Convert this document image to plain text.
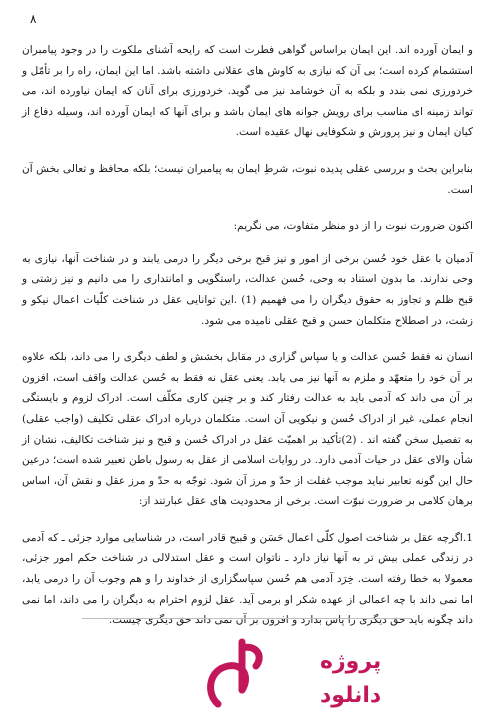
۸

و ایمان آورده اند. این ایمان براساس گواهی فطرت است که رایحه آشنای ملکوت را در وجود پیامبران استشمام کرده است؛ بی آن که نیازی به کاوش های عقلانی داشته باشد. اما این ایمان، راه را بر تأمّل و خردورزی نمی بندد و بلکه به آن خوشامد نیز می گوید. خردورزی برای آنان که ایمان نیاورده اند، می تواند زمینه ای مناسب برای رویش جوانه های ایمان باشد و برای آنها که ایمان آورده اند، وسیله دفاع از کیان ایمان و نیز پرورش و شکوفایی نهال عقیده است.

بنابراین بحث و بررسی عقلی پدیده نبوت، شرطِ ایمان به پیامبران نیست؛ بلکه محافظ و تعالی بخش آن است.

اکنون ضرورت نبوت را از دو منظر متفاوت، می نگریم:

آدمیان با عقل خود حُسن برخی از امور و نیز قبح برخی دیگر را درمی یابند و در شناخت آنها، نیازی به وحی ندارند. ما بدون استناد به وحی، حُسن عدالت، راستگویی و امانتداری را می دانیم و نیز زشتی و قبح ظلم و تجاوز به حقوق دیگران را می فهمیم (1) .این توانایی عقل در شناخت کلّیات اعمال نیکو و زشت، در اصطلاح متکلمان حسن و قبح عقلی نامیده می شود.

انسان نه فقط حُسن عدالت و یا سپاس گزاری در مقابل بخشش و لطف دیگری را می داند، بلکه علاوه بر آن خود را متعهّد و ملزم به آنها نیز می یابد. یعنی عقل نه فقط به حُسن عدالت واقف است، افزون بر آن می داند که آدمی باید به عدالت رفتار کند و بر چنین کاری مکلّف است. ادراک لزوم و بایستگی انجام عملی، غیر از ادراک حُسن و نیکویی آن است. متکلمان درباره ادراک عقلی تکلیف (واجب عقلی) به تفصیل سخن گفته اند . (2)تأکید بر اهمیّت عقل در ادراک حُسن و قبح و نیز شناخت تکالیف، نشان از شأن والای عقل در حیات آدمی دارد. در روایات اسلامی از عقل به رسول باطن تعبیر شده است؛ درعین حال این گونه تعابیر نباید موجب غفلت از حدّ و مرز آن شود. توجّه به حدّ و مرز عقل و نقش آن، اساس برهان کلامی بر ضرورت نبوّت است. برخی از محدودیت های عقل عبارتند از:

1.اگرچه عقل بر شناخت اصول کلّی اعمال حَسَن و قبیح قادر است، در شناسایی موارد جزئی ـ که آدمی در زندگی عملی بیش تر به آنها نیاز دارد ـ ناتوان است و عقل استدلالی در شناخت حکم امور جزئی، معمولا به خطا رفته است. خِرَد آدمی هم حُسن سپاسگزاری از خداوند را و هم وجوب آن را درمی یابد، اما نمی داند با چه اعمالی از عهده شکر او برمی آید. عقل لزوم احترام به دیگران را می داند، اما نمی داند چگونه باید حق دیگری را پاس بدارد و افزون بر آن نمی داند حق دیگری چیست.

پروژه
دانلود
